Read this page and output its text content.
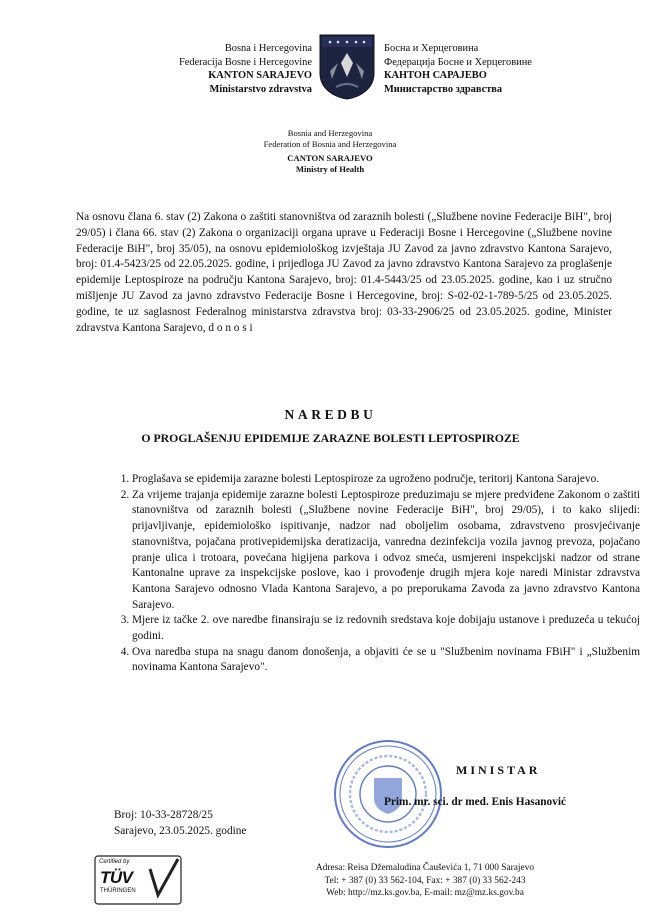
Bosna i Hercegovina
Federacija Bosne i Hercegovine
KANTON SARAJEVO
Ministarstvo zdravstva
Босна и Херцеговина
Федерација Босне и Херцеговине
КАНТОН САРАЈЕВО
Министарство здравства
Bosnia and Herzegovina
Federation of Bosnia and Herzegovina
CANTON SARAJEVO
Ministry of Health
Na osnovu člana 6. stav (2) Zakona o zaštiti stanovništva od zaraznih bolesti („Službene novine Federacije BiH", broj 29/05) i člana 66. stav (2) Zakona o organizaciji organa uprave u Federaciji Bosne i Hercegovine („Službene novine Federacije BiH", broj 35/05), na osnovu epidemiološkog izvještaja JU Zavod za javno zdravstvo Kantona Sarajevo, broj: 01.4-5423/25 od 22.05.2025. godine, i prijedloga JU Zavod za javno zdravstvo Kantona Sarajevo za proglašenje epidemije Leptospiroze na području Kantona Sarajevo, broj: 01.4-5443/25 od 23.05.2025. godine, kao i uz stručno mišljenje JU Zavod za javno zdravstvo Federacije Bosne i Hercegovine, broj: S-02-02-1-789-5/25 od 23.05.2025. godine, te uz saglasnost Federalnog ministarstva zdravstva broj: 03-33-2906/25 od 23.05.2025. godine, Minister zdravstva Kantona Sarajevo, d o n o s i
NAREDBU
O PROGLAŠENJU EPIDEMIJE ZARAZNE BOLESTI LEPTOSPIROZE
1. Proglašava se epidemija zarazne bolesti Leptospiroze za ugroženo područje, teritorij Kantona Sarajevo.
2. Za vrijeme trajanja epidemije zarazne bolesti Leptospiroze preduzimaju se mjere predviđene Zakonom o zaštiti stanovništva od zaraznih bolesti („Službene novine Federacije BiH", broj 29/05), i to kako slijedi: prijavljivanje, epidemiološko ispitivanje, nadzor nad oboljelim osobama, zdravstveno prosvjećivanje stanovništva, pojačana protivepidemijska deratizacija, vanredna dezinfekcija vozila javnog prevoza, pojačano pranje ulica i trotoara, povećana higijena parkova i odvoz smeća, usmjereni inspekcijski nadzor od strane Kantonalne uprave za inspekcijske poslove, kao i provođenje drugih mjera koje naredi Ministar zdravstva Kantona Sarajevo odnosno Vlada Kantona Sarajevo, a po preporukama Zavoda za javno zdravstvo Kantona Sarajevo.
3. Mjere iz tačke 2. ove naredbe finansiraju se iz redovnih sredstava koje dobijaju ustanove i preduzeća u tekućoj godini.
4. Ova naredba stupa na snagu danom donošenja, a objaviti će se u "Službenim novinama FBiH" i „Službenim novinama Kantona Sarajevo".
MINISTAR
Prim. mr. sci. dr med. Enis Hasanović
Broj: 10-33-28728/25
Sarajevo, 23.05.2025. godine
Certified by
TÜV
THÜRINGEN
Adresa: Reisa Džemaludina Čauševića 1, 71 000 Sarajevo
Tel: + 387 (0) 33 562-104, Fax: + 387 (0) 33 562-243
Web: http://mz.ks.gov.ba, E-mail: mz@mz.ks.gov.ba
